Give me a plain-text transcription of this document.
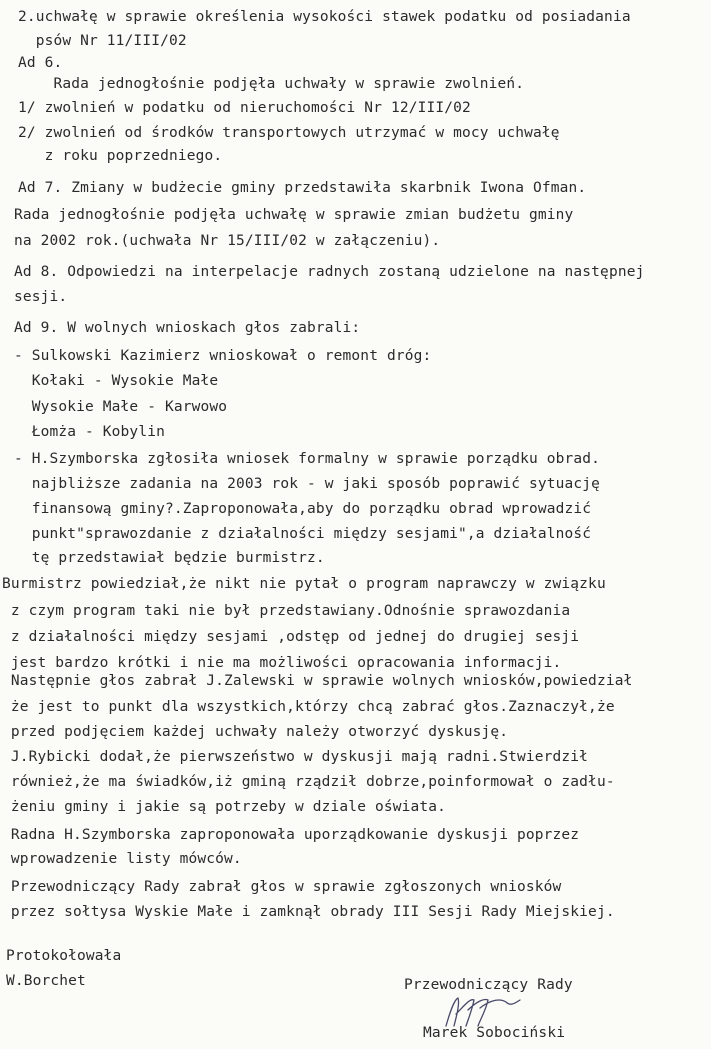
2.uchwałę w sprawie określenia wysokości stawek podatku od posiadania
psów Nr 11/III/02
Ad 6.
Rada jednogłośnie podjęła uchwały w sprawie zwolnień.
1/ zwolnień w podatku od nieruchomości Nr 12/III/02
2/ zwolnień od środków transportowych utrzymać w mocy uchwałę
z roku poprzedniego.
Ad 7. Zmiany w budżecie gminy przedstawiła skarbnik Iwona Ofman.
Rada jednogłośnie podjęła uchwałę w sprawie zmian budżetu gminy
na 2002 rok.(uchwała Nr 15/III/02 w załączeniu).
Ad 8. Odpowiedzi na interpelacje radnych zostaną udzielone na następnej
sesji.
Ad 9. W wolnych wnioskach głos zabrali:
- Sulkowski Kazimierz wnioskował o remont dróg:
Kołaki - Wysokie Małe
Wysokie Małe - Karwowo
Łomża - Kobylin
- H.Szymborska zgłosiła wniosek formalny w sprawie porządku obrad.
najbliższe zadania na 2003 rok - w jaki sposób poprawić sytuację
finansową gminy?.Zaproponowała,aby do porządku obrad wprowadzić
punkt"sprawozdanie z działalności między sesjami",a działalność
tę przedstawiał będzie burmistrz.
Burmistrz powiedział,że nikt nie pytał o program naprawczy w związku
z czym program taki nie był przedstawiany.Odnośnie sprawozdania
z działalności między sesjami ,odstęp od jednej do drugiej sesji
jest bardzo krótki i nie ma możliwości opracowania informacji.
Następnie głos zabrał J.Zalewski w sprawie wolnych wniosków,powiedział
że jest to punkt dla wszystkich,którzy chcą zabrać głos.Zaznaczył,że
przed podjęciem każdej uchwały należy otworzyć dyskusję.
J.Rybicki dodał,że pierwszeństwo w dyskusji mają radni.Stwierdził
również,że ma świadków,iż gminą rządził dobrze,poinformował o zadłu-
żeniu gminy i jakie są potrzeby w dziale oświata.
Radna H.Szymborska zaproponowała uporządkowanie dyskusji poprzez
wprowadzenie listy mówców.
Przewodniczący Rady zabrał głos w sprawie zgłoszonych wniosków
przez sołtysa Wyskie Małe i zamknął obrady III Sesji Rady Miejskiej.
Protokołowała
W.Borchet	Przewodniczący Rady
Marek Sobociński
